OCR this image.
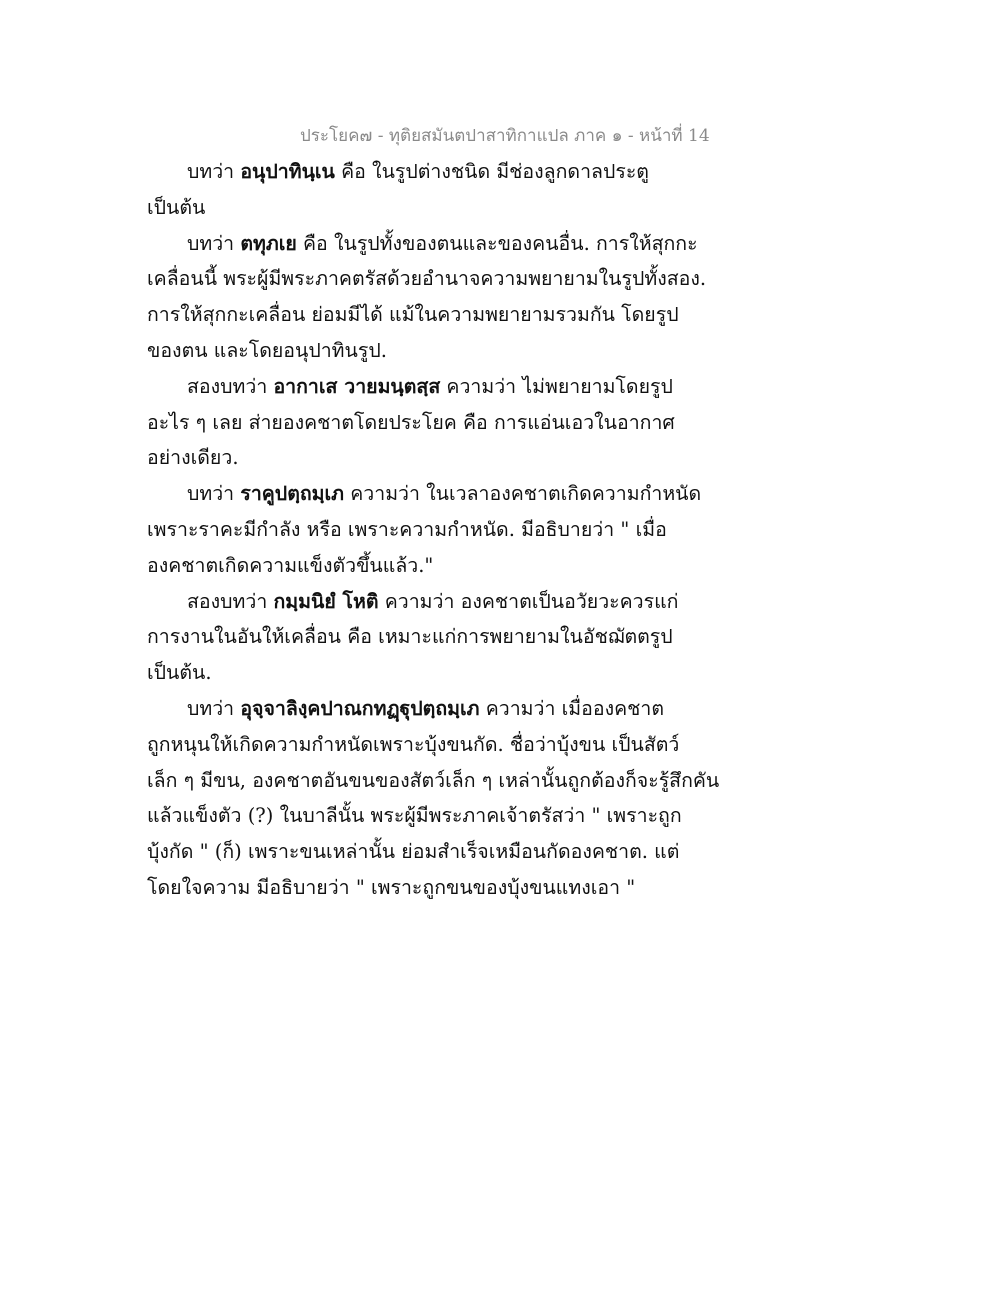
ประโยค๗ - ทุติยสมันตปาสาทิกาแปล ภาค ๑ - หน้าที่ 14
บทว่า อนุปาทินฺเน คือ ในรูปต่างชนิด มีช่องลูกดาลประตู
เป็นต้น
บทว่า ตทุภเย คือ ในรูปทั้งของตนและของคนอื่น. การให้สุกกะ
เคลื่อนนี้ พระผู้มีพระภาคตรัสด้วยอำนาจความพยายามในรูปทั้งสอง.
การให้สุกกะเคลื่อน ย่อมมีได้ แม้ในความพยายามรวมกัน โดยรูป
ของตน และโดยอนุปาทินรูป.
สองบทว่า อากาเส วายมนฺตสฺส ความว่า ไม่พยายามโดยรูป
อะไร ๆ เลย ส่ายองคชาตโดยประโยค คือ การแอ่นเอวในอากาศ
อย่างเดียว.
บทว่า ราคูปตฺถมฺเภ ความว่า ในเวลาองคชาตเกิดความกำหนัด
เพราะราคะมีกำลัง หรือ เพราะความกำหนัด. มีอธิบายว่า " เมื่อ
องคชาตเกิดความแข็งตัวขึ้นแล้ว."
สองบทว่า กมฺมนิยํ โหติ ความว่า องคชาตเป็นอวัยวะควรแก่
การงานในอันให้เคลื่อน คือ เหมาะแก่การพยายามในอัชฌัตตรูป
เป็นต้น.
บทว่า อุจฺจาลิงฺคปาณกทฏฺฐุปตฺถมฺเภ ความว่า เมื่อองคชาต
ถูกหนุนให้เกิดความกำหนัดเพราะบุ้งขนกัด. ชื่อว่าบุ้งขน เป็นสัตว์
เล็ก ๆ มีขน, องคชาตอันขนของสัตว์เล็ก ๆ เหล่านั้นถูกต้องก็จะรู้สึกคัน
แล้วแข็งตัว (?) ในบาลีนั้น พระผู้มีพระภาคเจ้าตรัสว่า " เพราะถูก
บุ้งกัด " (ก็) เพราะขนเหล่านั้น ย่อมสำเร็จเหมือนกัดองคชาต. แต่
โดยใจความ มีอธิบายว่า " เพราะถูกขนของบุ้งขนแทงเอา "
